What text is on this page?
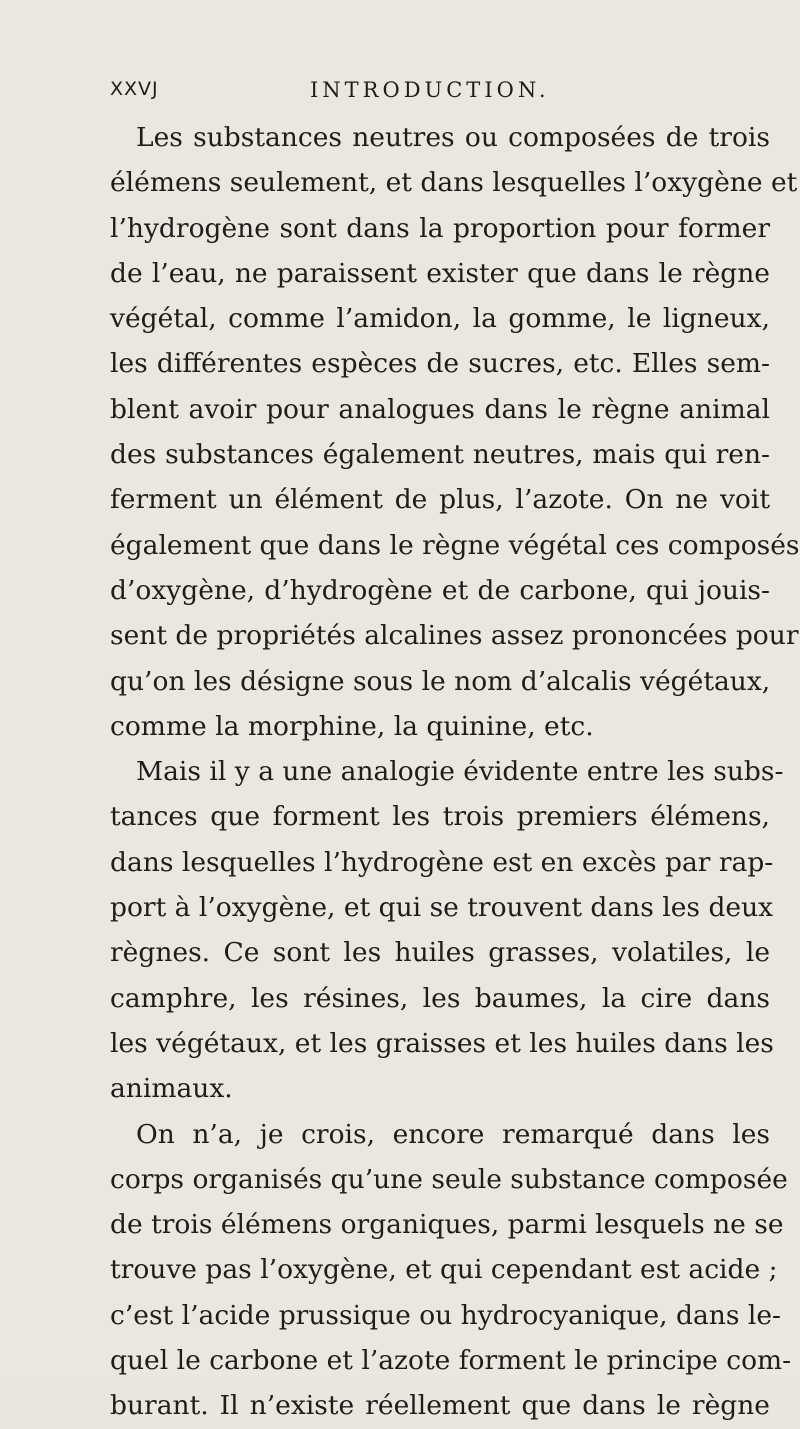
XXVJ	INTRODUCTION.
Les substances neutres ou composées de trois
élémens seulement, et dans lesquelles l’oxygène et
l’hydrogène sont dans la proportion pour former
de l’eau, ne paraissent exister que dans le règne
végétal, comme l’amidon, la gomme, le ligneux,
les différentes espèces de sucres, etc. Elles sem-
blent avoir pour analogues dans le règne animal
des substances également neutres, mais qui ren-
ferment un élément de plus, l’azote. On ne voit
également que dans le règne végétal ces composés
d’oxygène, d’hydrogène et de carbone, qui jouis-
sent de propriétés alcalines assez prononcées pour
qu’on les désigne sous le nom d’alcalis végétaux,
comme la morphine, la quinine, etc.
Mais il y a une analogie évidente entre les subs-
tances que forment les trois premiers élémens,
dans lesquelles l’hydrogène est en excès par rap-
port à l’oxygène, et qui se trouvent dans les deux
règnes. Ce sont les huiles grasses, volatiles, le
camphre, les résines, les baumes, la cire dans
les végétaux, et les graisses et les huiles dans les
animaux.
On n’a, je crois, encore remarqué dans les
corps organisés qu’une seule substance composée
de trois élémens organiques, parmi lesquels ne se
trouve pas l’oxygène, et qui cependant est acide ;
c’est l’acide prussique ou hydrocyanique, dans le-
quel le carbone et l’azote forment le principe com-
burant. Il n’existe réellement que dans le règne
